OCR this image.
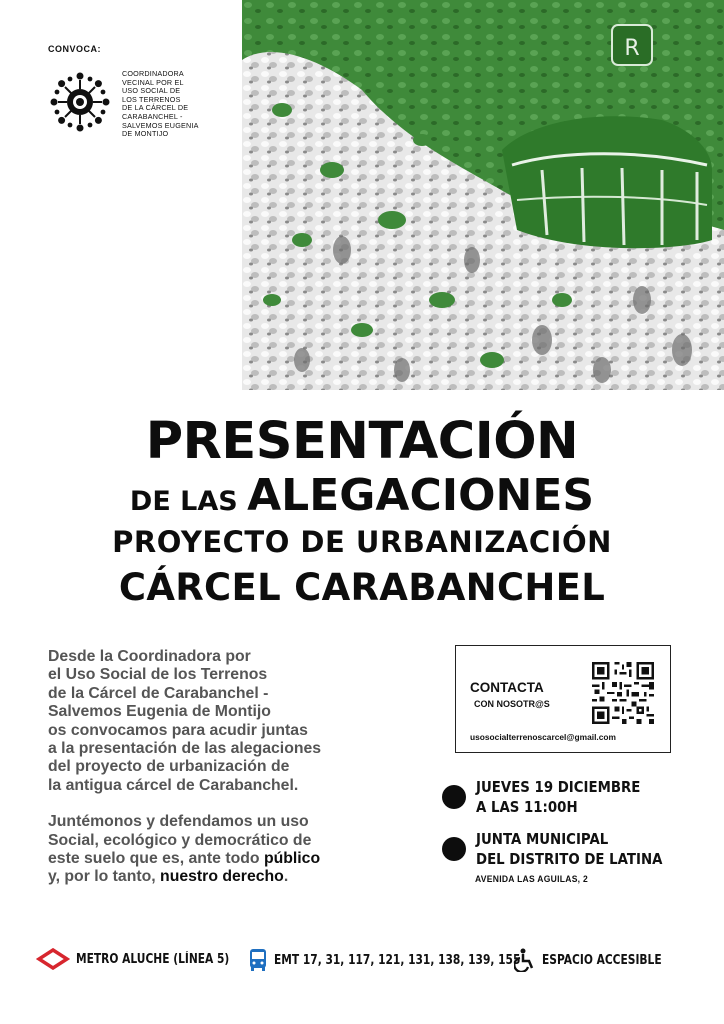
CONVOCA:
COORDINADORA
VECINAL POR EL
USO SOCIAL DE
LOS TERRENOS
DE LA CÁRCEL DE
CARABANCHEL -
SALVEMOS EUGENIA
DE MONTIJO
R
PRESENTACIÓN
DE LAS ALEGACIONES
PROYECTO DE URBANIZACIÓN
CÁRCEL CARABANCHEL

Desde la Coordinadora por
el Uso Social de los Terrenos
de la Cárcel de Carabanchel -
Salvemos Eugenia de Montijo
os convocamos para acudir juntas
a la presentación de las alegaciones
del proyecto de urbanización de
la antigua cárcel de Carabanchel.

Juntémonos y defendamos un uso
Social, ecológico y democrático de
este suelo que es, ante todo público
y, por lo tanto, nuestro derecho.

CONTACTA
CON NOSOTR@S
usosocialterrenoscarcel@gmail.com
JUEVES 19 DICIEMBRE
A LAS 11:00H
JUNTA MUNICIPAL
DEL DISTRITO DE LATINA
AVENIDA LAS AGUILAS, 2
METRO ALUCHE (LÍNEA 5)	EMT 17, 31, 117, 121, 131, 138, 139, 155 ESPACIO ACCESIBLE
